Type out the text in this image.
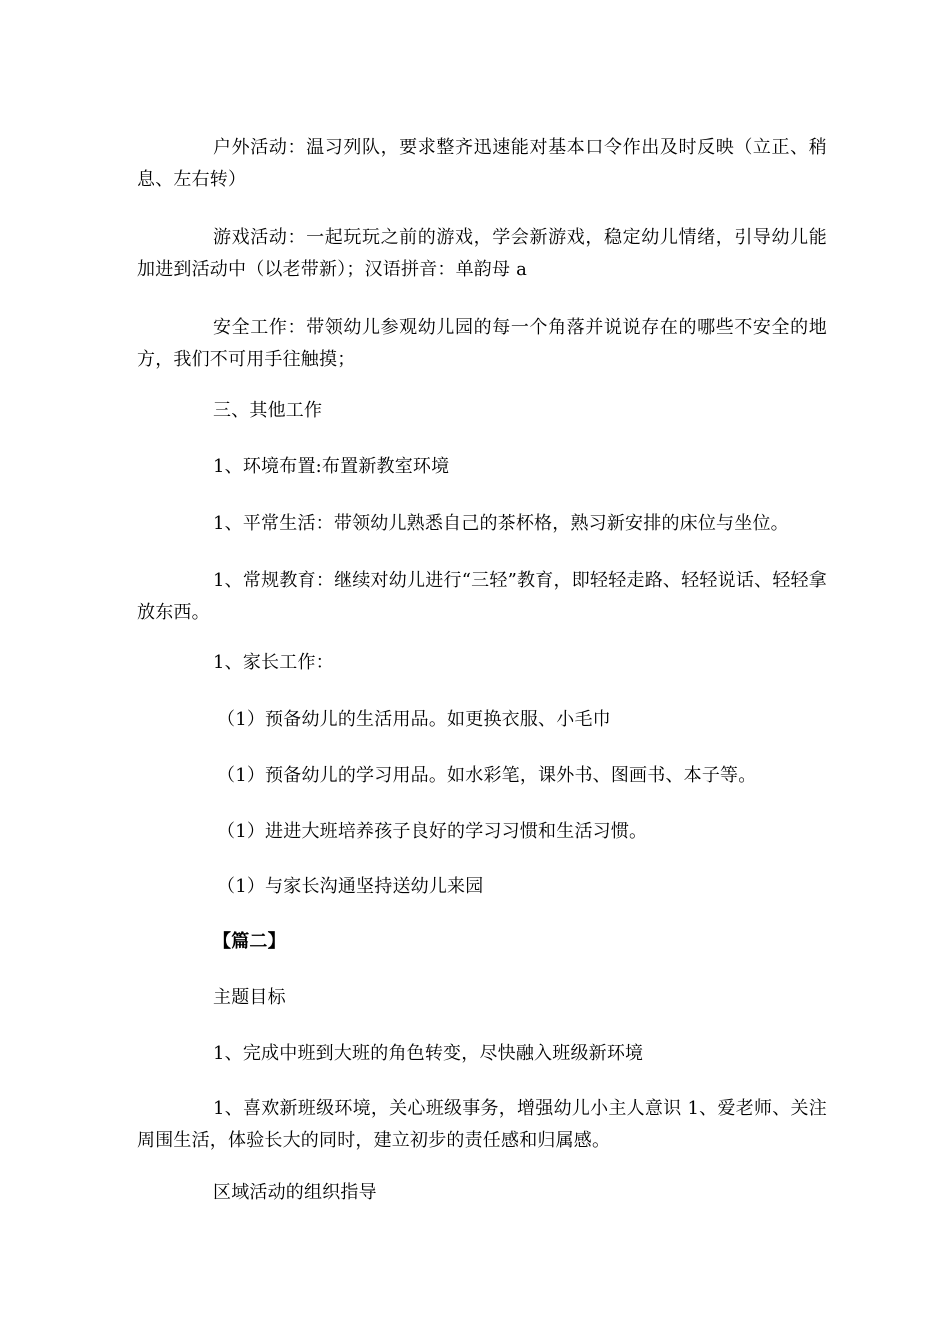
户外活动：温习列队，要求整齐迅速能对基本口令作出及时反映（立正、稍息、左右转）

游戏活动：一起玩玩之前的游戏，学会新游戏，稳定幼儿情绪，引导幼儿能加进到活动中（以老带新）；汉语拼音：单韵母 a

安全工作：带领幼儿参观幼儿园的每一个角落并说说存在的哪些不安全的地方，我们不可用手往触摸；

三、其他工作

1、环境布置:布置新教室环境

1、平常生活：带领幼儿熟悉自己的茶杯格，熟习新安排的床位与坐位。

1、常规教育：继续对幼儿进行“三轻”教育，即轻轻走路、轻轻说话、轻轻拿放东西。

1、家长工作：

（1）预备幼儿的生活用品。如更换衣服、小毛巾

（1）预备幼儿的学习用品。如水彩笔，课外书、图画书、本子等。

（1）进进大班培养孩子良好的学习习惯和生活习惯。

（1）与家长沟通坚持送幼儿来园

【篇二】

主题目标

1、完成中班到大班的角色转变，尽快融入班级新环境

1、喜欢新班级环境，关心班级事务，增强幼儿小主人意识 1、爱老师、关注周围生活，体验长大的同时，建立初步的责任感和归属感。

区域活动的组织指导
